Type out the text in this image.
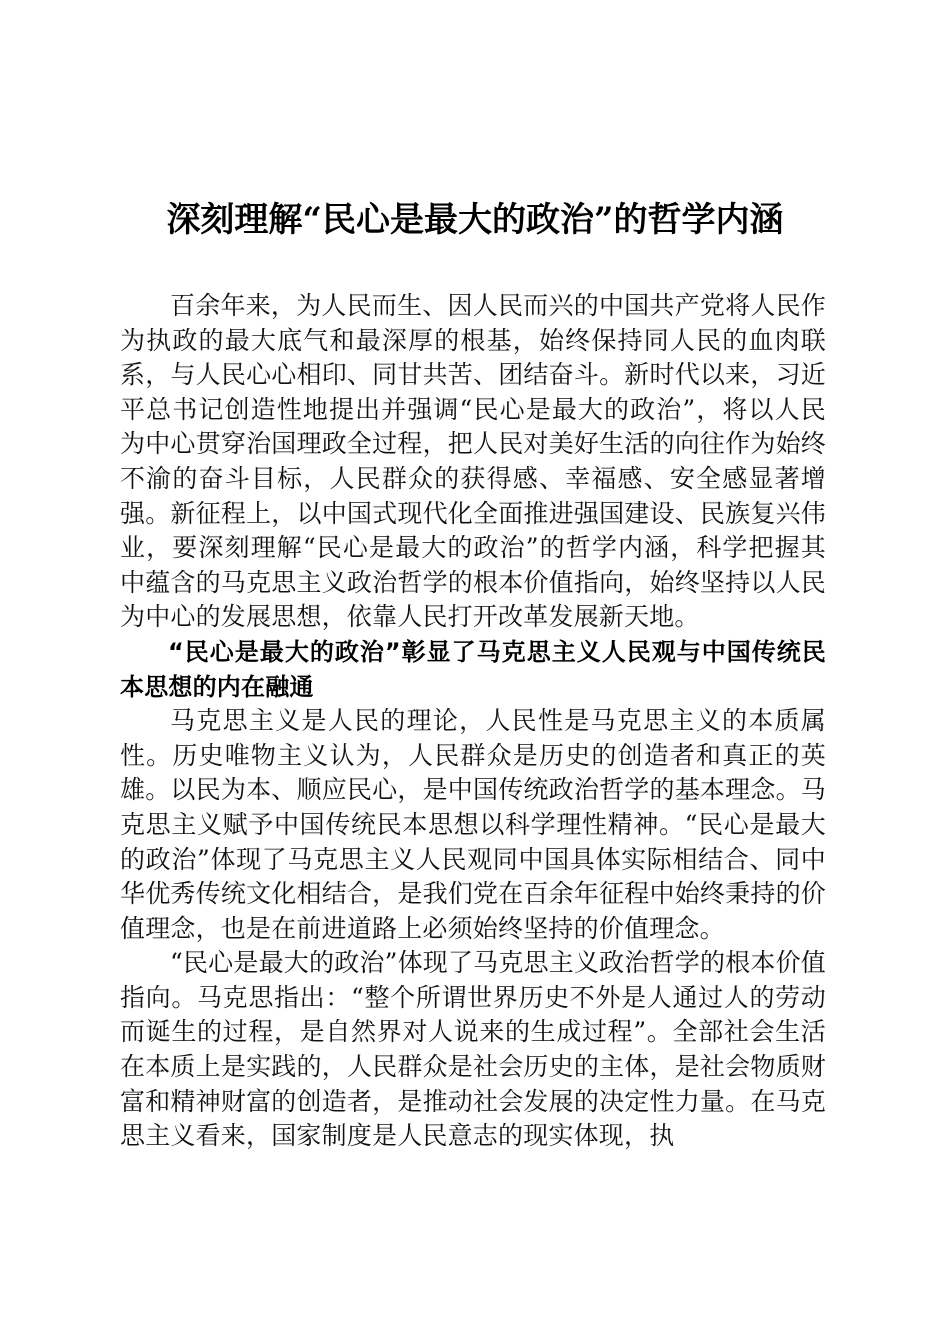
深刻理解“民心是最大的政治”的哲学内涵

百余年来，为人民而生、因人民而兴的中国共产党将人民作为执政的最大底气和最深厚的根基，始终保持同人民的血肉联系，与人民心心相印、同甘共苦、团结奋斗。新时代以来，习近平总书记创造性地提出并强调“民心是最大的政治”，将以人民为中心贯穿治国理政全过程，把人民对美好生活的向往作为始终不渝的奋斗目标，人民群众的获得感、幸福感、安全感显著增强。新征程上，以中国式现代化全面推进强国建设、民族复兴伟业，要深刻理解“民心是最大的政治”的哲学内涵，科学把握其中蕴含的马克思主义政治哲学的根本价值指向，始终坚持以人民为中心的发展思想，依靠人民打开改革发展新天地。

“民心是最大的政治”彰显了马克思主义人民观与中国传统民本思想的内在融通

马克思主义是人民的理论，人民性是马克思主义的本质属性。历史唯物主义认为，人民群众是历史的创造者和真正的英雄。以民为本、顺应民心，是中国传统政治哲学的基本理念。马克思主义赋予中国传统民本思想以科学理性精神。“民心是最大的政治”体现了马克思主义人民观同中国具体实际相结合、同中华优秀传统文化相结合，是我们党在百余年征程中始终秉持的价值理念，也是在前进道路上必须始终坚持的价值理念。

“民心是最大的政治”体现了马克思主义政治哲学的根本价值指向。马克思指出：“整个所谓世界历史不外是人通过人的劳动而诞生的过程，是自然界对人说来的生成过程”。全部社会生活在本质上是实践的，人民群众是社会历史的主体，是社会物质财富和精神财富的创造者，是推动社会发展的决定性力量。在马克思主义看来，国家制度是人民意志的现实体现，执
